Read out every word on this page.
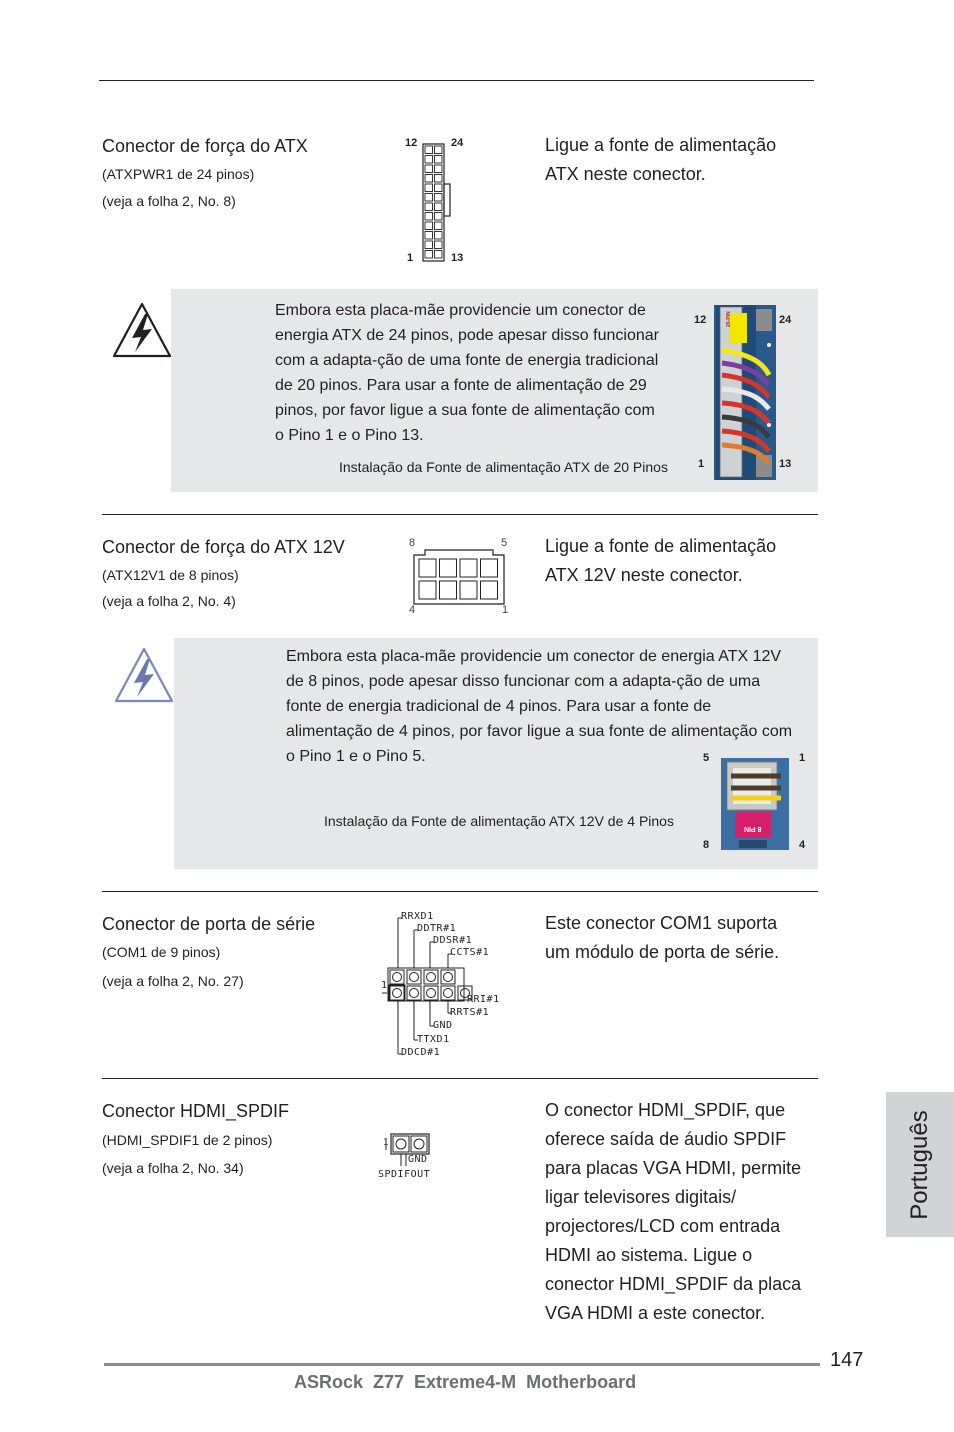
Conector de força do ATX
(ATXPWR1 de 24 pinos)
(veja a folha 2, No. 8)
12	24
1	13
Ligue a fonte de alimentação
ATX neste conector.
Embora esta placa-mãe providencie um conector de
energia ATX de 24 pinos, pode apesar disso funcionar
com a adapta-ção de uma fonte de energia tradicional
de 20 pinos. Para usar a fonte de alimentação de 29
pinos, por favor ligue a sua fonte de alimentação com
o Pino 1 e o Pino 13.
Instalação da Fonte de alimentação ATX de 20 Pinos
12	24
1	13
20-PIN
Conector de força do ATX 12V
(ATX12V1 de 8 pinos)
(veja a folha 2, No. 4)
8	5
4	1
Ligue a fonte de alimentação
ATX 12V neste conector.
Embora esta placa-mãe providencie um conector de energia ATX 12V
de 8 pinos, pode apesar disso funcionar com a adapta-ção de uma
fonte de energia tradicional de 4 pinos. Para usar a fonte de
alimentação de 4 pinos, por favor ligue a sua fonte de alimentação com
o Pino 1 e o Pino 5.
Instalação da Fonte de alimentação ATX 12V de 4 Pinos
5	1
8	4
8 PIN
Conector de porta de série
(COM1 de 9 pinos)
(veja a folha 2, No. 27)
RRXD1
DDTR#1
DDSR#1
CCTS#1
RRI#1
RRTS#1
GND
TTXD1
DDCD#1
1
Este conector COM1 suporta
um módulo de porta de série.
Conector HDMI_SPDIF
(HDMI_SPDIF1 de 2 pinos)
(veja a folha 2, No. 34)
1
GND
SPDIFOUT
O conector HDMI_SPDIF, que
oferece saída de áudio SPDIF
para placas VGA HDMI, permite
ligar televisores digitais/
projectores/LCD com entrada
HDMI ao sistema. Ligue o
conector HDMI_SPDIF da placa
VGA HDMI a este conector.
Português
147
ASRock  Z77  Extreme4-M  Motherboard
